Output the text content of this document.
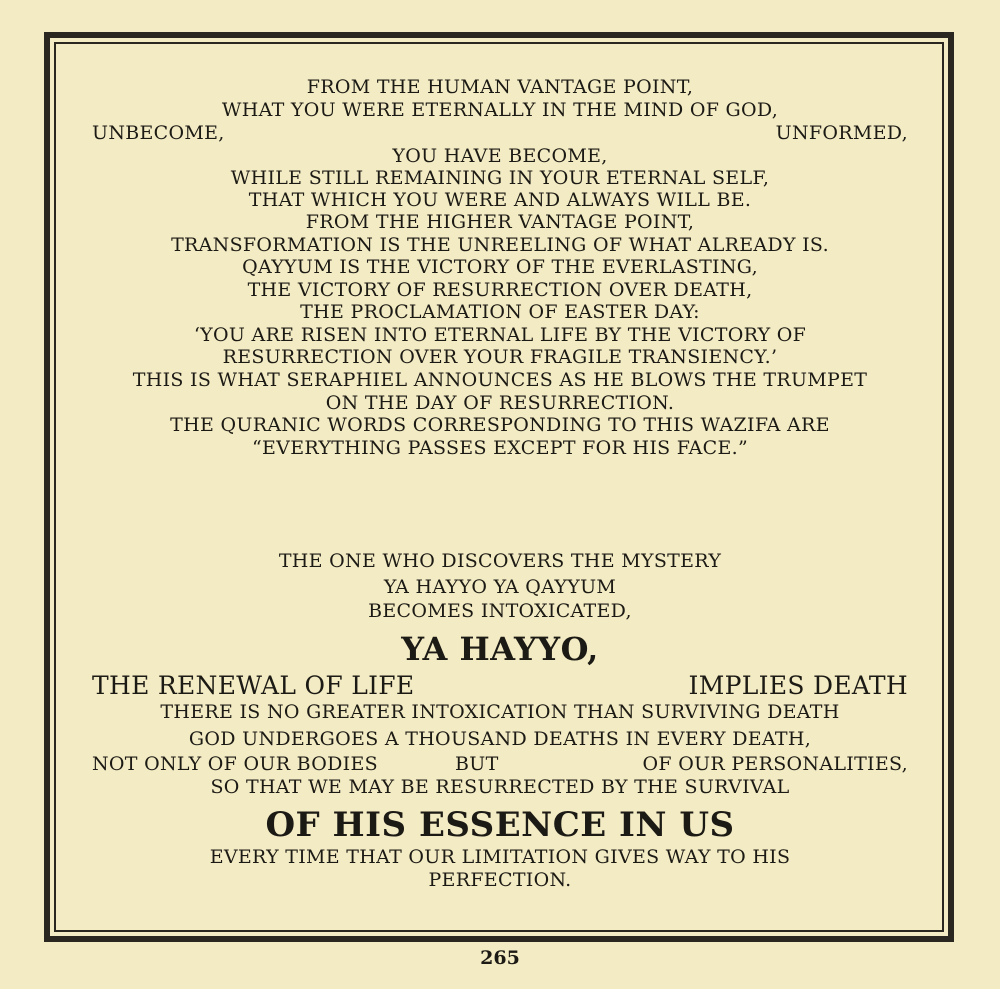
FROM THE HUMAN VANTAGE POINT,
WHAT YOU WERE ETERNALLY IN THE MIND OF GOD,
UNBECOME,	UNFORMED,
YOU HAVE BECOME,
WHILE STILL REMAINING IN YOUR ETERNAL SELF,
THAT WHICH YOU WERE AND ALWAYS WILL BE.
FROM THE HIGHER VANTAGE POINT,
TRANSFORMATION IS THE UNREELING OF WHAT ALREADY IS.
QAYYUM IS THE VICTORY OF THE EVERLASTING,
THE VICTORY OF RESURRECTION OVER DEATH,
THE PROCLAMATION OF EASTER DAY:
‘YOU ARE RISEN INTO ETERNAL LIFE BY THE VICTORY OF
RESURRECTION OVER YOUR FRAGILE TRANSIENCY.’
THIS IS WHAT SERAPHIEL ANNOUNCES AS HE BLOWS THE TRUMPET
ON THE DAY OF RESURRECTION.
THE QURANIC WORDS CORRESPONDING TO THIS WAZIFA ARE
“EVERYTHING PASSES EXCEPT FOR HIS FACE.”
THE ONE WHO DISCOVERS THE MYSTERY
YA HAYYO YA QAYYUM
BECOMES INTOXICATED,
YA HAYYO,
THE RENEWAL OF LIFE	IMPLIES DEATH
THERE IS NO GREATER INTOXICATION THAN SURVIVING DEATH
GOD UNDERGOES A THOUSAND DEATHS IN EVERY DEATH,
NOT ONLY OF OUR BODIES	BUT	OF OUR PERSONALITIES,
SO THAT WE MAY BE RESURRECTED BY THE SURVIVAL
OF HIS ESSENCE IN US
EVERY TIME THAT OUR LIMITATION GIVES WAY TO HIS
PERFECTION.
265
